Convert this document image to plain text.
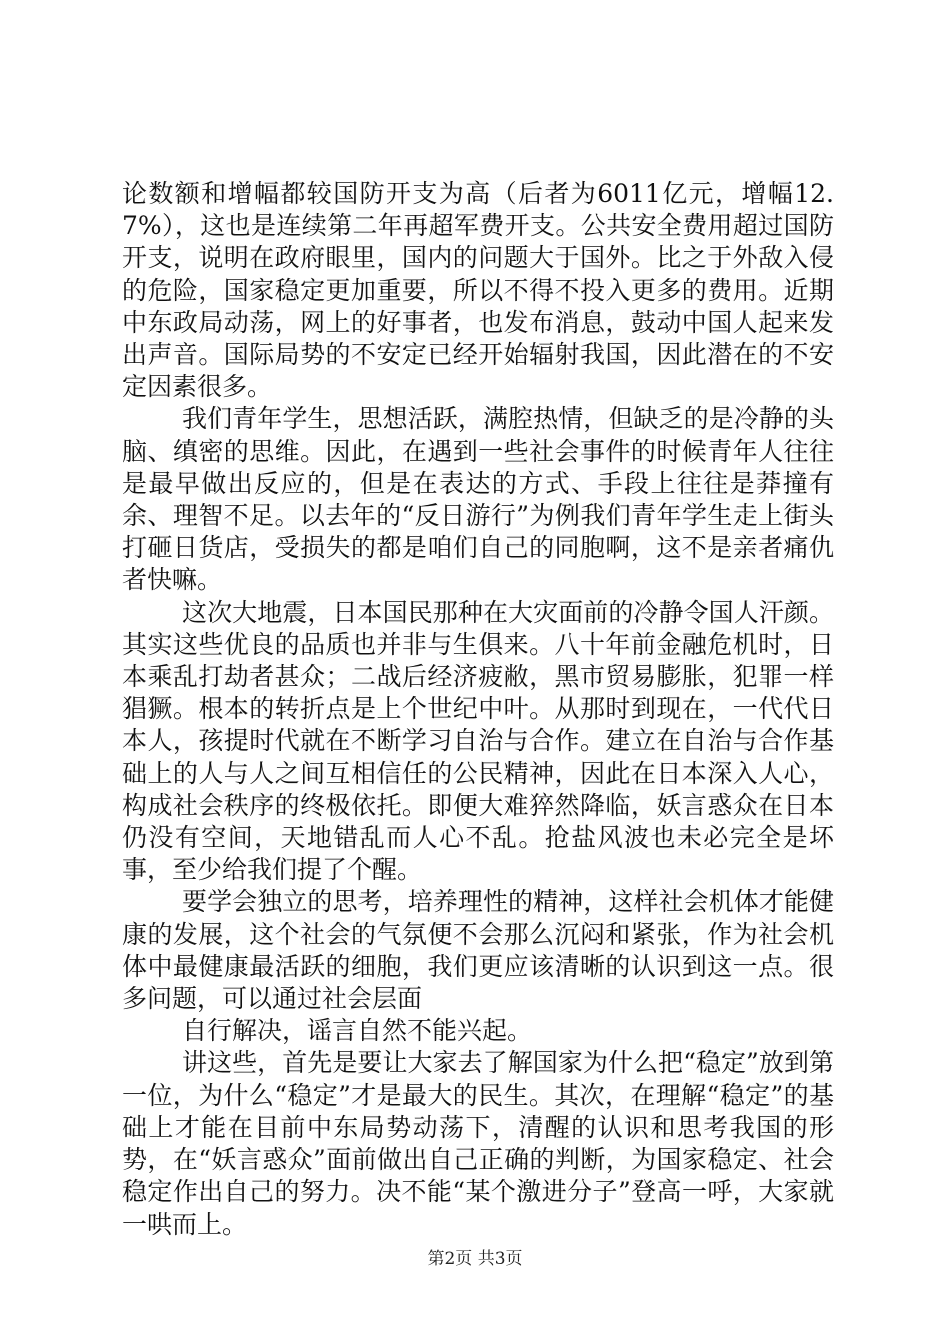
论数额和增幅都较国防开支为高（后者为6011亿元，增幅12.7%），这也是连续第二年再超军费开支。公共安全费用超过国防开支，说明在政府眼里，国内的问题大于国外。比之于外敌入侵的危险，国家稳定更加重要，所以不得不投入更多的费用。近期中东政局动荡，网上的好事者，也发布消息，鼓动中国人起来发出声音。国际局势的不安定已经开始辐射我国，因此潜在的不安定因素很多。

我们青年学生，思想活跃，满腔热情，但缺乏的是冷静的头脑、缜密的思维。因此，在遇到一些社会事件的时候青年人往往是最早做出反应的，但是在表达的方式、手段上往往是莽撞有余、理智不足。以去年的“反日游行”为例我们青年学生走上街头打砸日货店，受损失的都是咱们自己的同胞啊，这不是亲者痛仇者快嘛。

这次大地震，日本国民那种在大灾面前的冷静令国人汗颜。其实这些优良的品质也并非与生俱来。八十年前金融危机时，日本乘乱打劫者甚众；二战后经济疲敝，黑市贸易膨胀，犯罪一样猖獗。根本的转折点是上个世纪中叶。从那时到现在，一代代日本人，孩提时代就在不断学习自治与合作。建立在自治与合作基础上的人与人之间互相信任的公民精神，因此在日本深入人心，构成社会秩序的终极依托。即便大难猝然降临，妖言惑众在日本仍没有空间，天地错乱而人心不乱。抢盐风波也未必完全是坏事，至少给我们提了个醒。

要学会独立的思考，培养理性的精神，这样社会机体才能健康的发展，这个社会的气氛便不会那么沉闷和紧张，作为社会机体中最健康最活跃的细胞，我们更应该清晰的认识到这一点。很多问题，可以通过社会层面

自行解决，谣言自然不能兴起。

讲这些，首先是要让大家去了解国家为什么把“稳定”放到第一位，为什么“稳定”才是最大的民生。其次，在理解“稳定”的基础上才能在目前中东局势动荡下，清醒的认识和思考我国的形势，在“妖言惑众”面前做出自己正确的判断，为国家稳定、社会稳定作出自己的努力。决不能“某个激进分子”登高一呼，大家就一哄而上。

第2页 共3页
